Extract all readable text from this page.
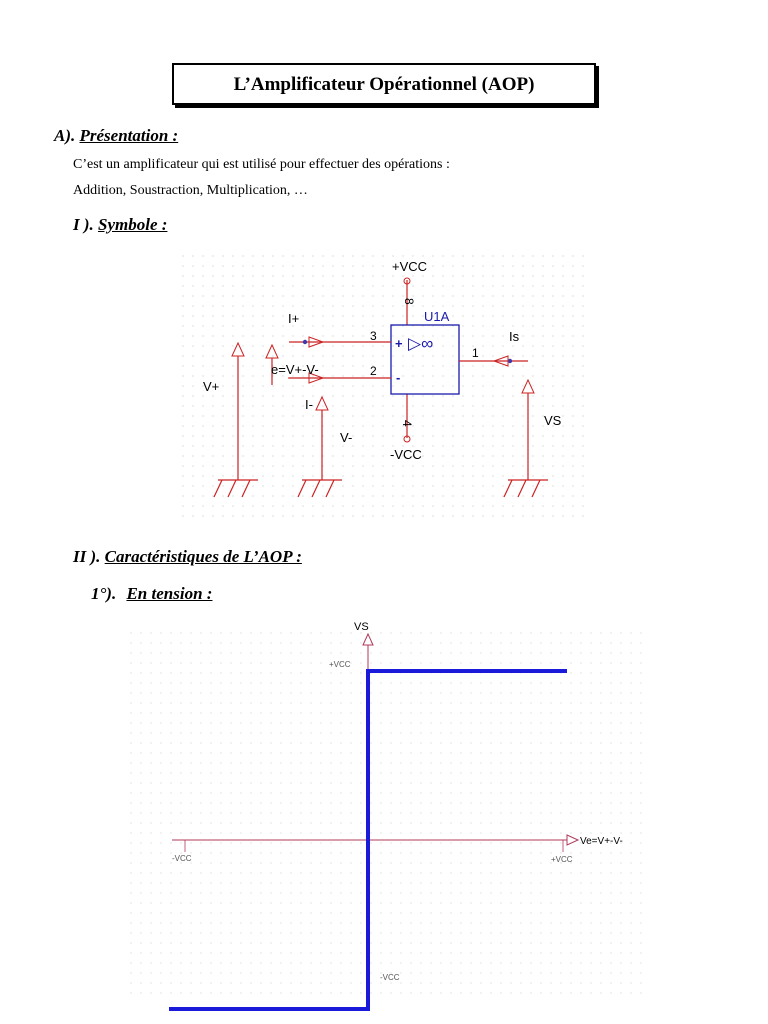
L’Amplificateur Opérationnel (AOP)
A). Présentation :
C’est un amplificateur qui est utilisé pour effectuer des opérations :
Addition, Soustraction, Multiplication, …
I ). Symbole :
+VCC
-VCC
U1A
3
2
1
4
8
+
-
▷∞
I+
I-
Is
e=V+-V-
V+
V-
VS
II ). Caractéristiques de L’AOP :
1°). En tension :
VS
Ve=V+-V-
-VCC	+VCC
+VCC
-VCC
